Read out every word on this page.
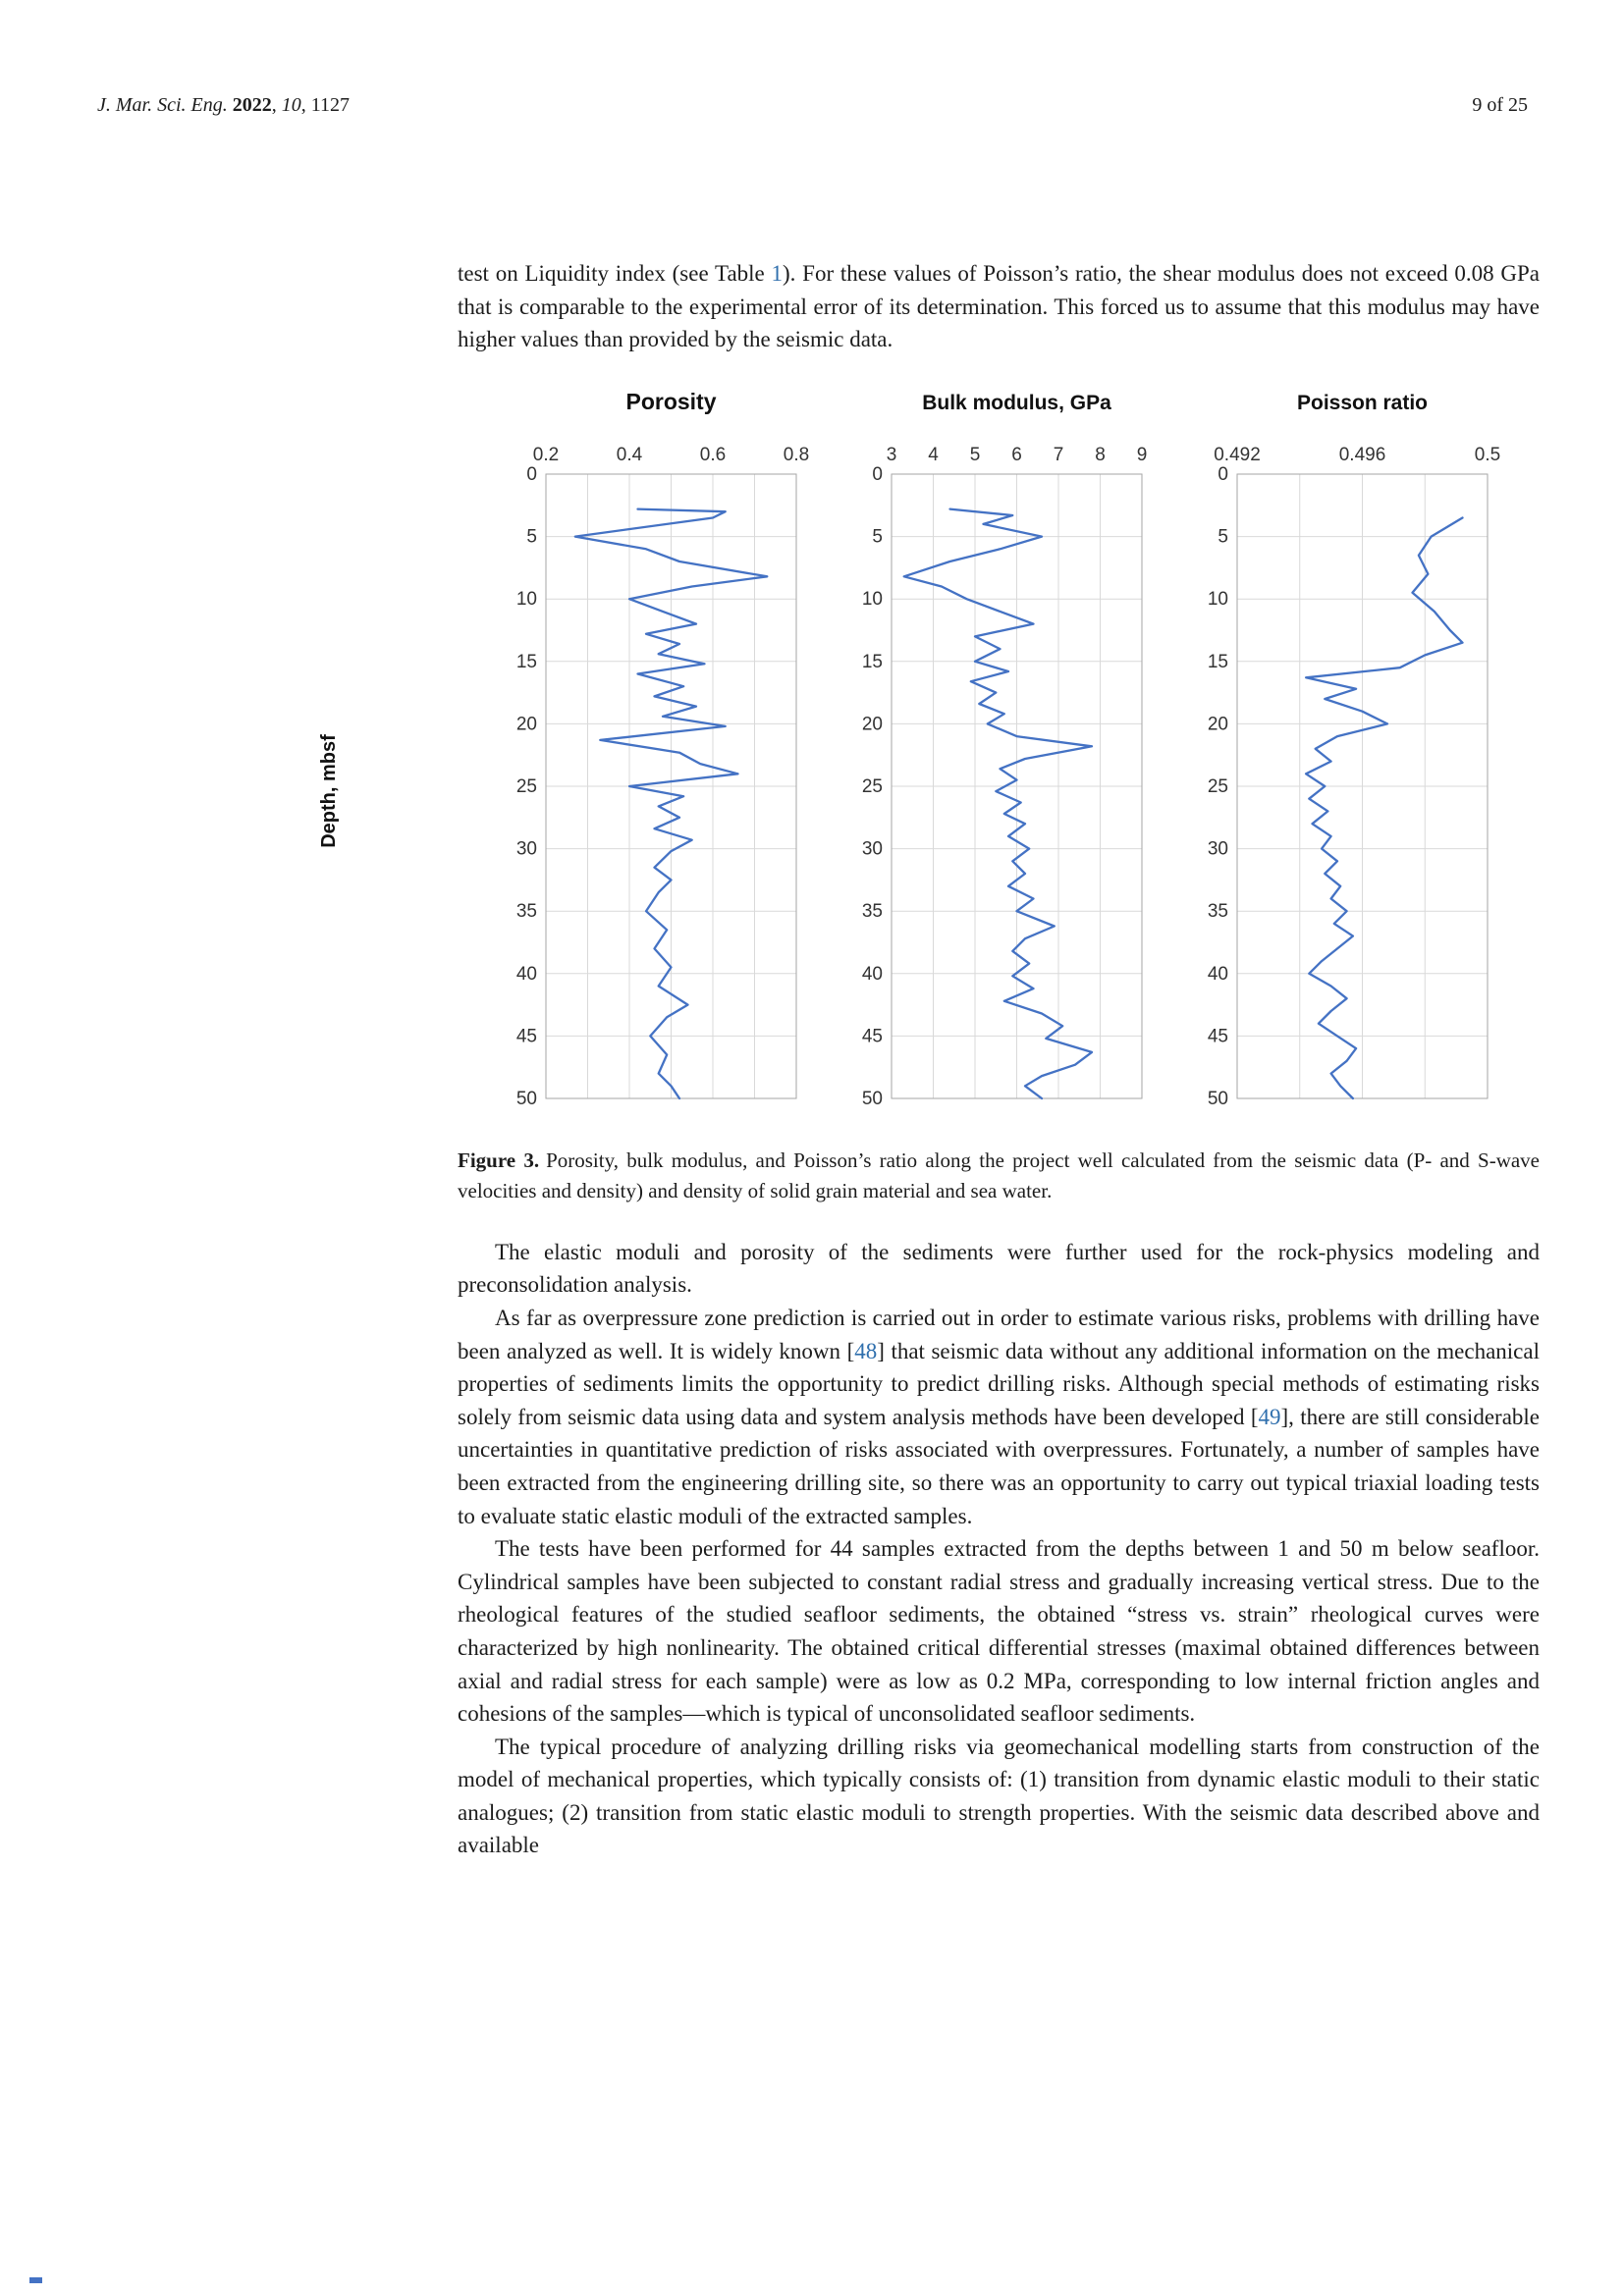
J. Mar. Sci. Eng. 2022, 10, 1127	9 of 25

test on Liquidity index (see Table 1). For these values of Poisson’s ratio, the shear modulus does not exceed 0.08 GPa that is comparable to the experimental error of its determination. This forced us to assume that this modulus may have higher values than provided by the seismic data.

Depth, mbsf
0.2	0.4	0.6	0.8
0
5
10
15
20
25
30
35
40
45
50
Porosity
3 4 5 6 7 8 9
0
5
10
15
20
25
30
35
40
45
50
Bulk modulus, GPa
0.492	0.496	0.5
0
5
10
15
20
25
30
35
40
45
50
Poisson ratio
Figure 3. Porosity, bulk modulus, and Poisson’s ratio along the project well calculated from the seismic data (P- and S-wave velocities and density) and density of solid grain material and sea water.

The elastic moduli and porosity of the sediments were further used for the rock-physics modeling and preconsolidation analysis.

As far as overpressure zone prediction is carried out in order to estimate various risks, problems with drilling have been analyzed as well. It is widely known [48] that seismic data without any additional information on the mechanical properties of sediments limits the opportunity to predict drilling risks. Although special methods of estimating risks solely from seismic data using data and system analysis methods have been developed [49], there are still considerable uncertainties in quantitative prediction of risks associated with overpressures. Fortunately, a number of samples have been extracted from the engineering drilling site, so there was an opportunity to carry out typical triaxial loading tests to evaluate static elastic moduli of the extracted samples.

The tests have been performed for 44 samples extracted from the depths between 1 and 50 m below seafloor. Cylindrical samples have been subjected to constant radial stress and gradually increasing vertical stress. Due to the rheological features of the studied seafloor sediments, the obtained “stress vs. strain” rheological curves were characterized by high nonlinearity. The obtained critical differential stresses (maximal obtained differences between axial and radial stress for each sample) were as low as 0.2 MPa, corresponding to low internal friction angles and cohesions of the samples—which is typical of unconsolidated seafloor sediments.

The typical procedure of analyzing drilling risks via geomechanical modelling starts from construction of the model of mechanical properties, which typically consists of: (1) transition from dynamic elastic moduli to their static analogues; (2) transition from static elastic moduli to strength properties. With the seismic data described above and available
